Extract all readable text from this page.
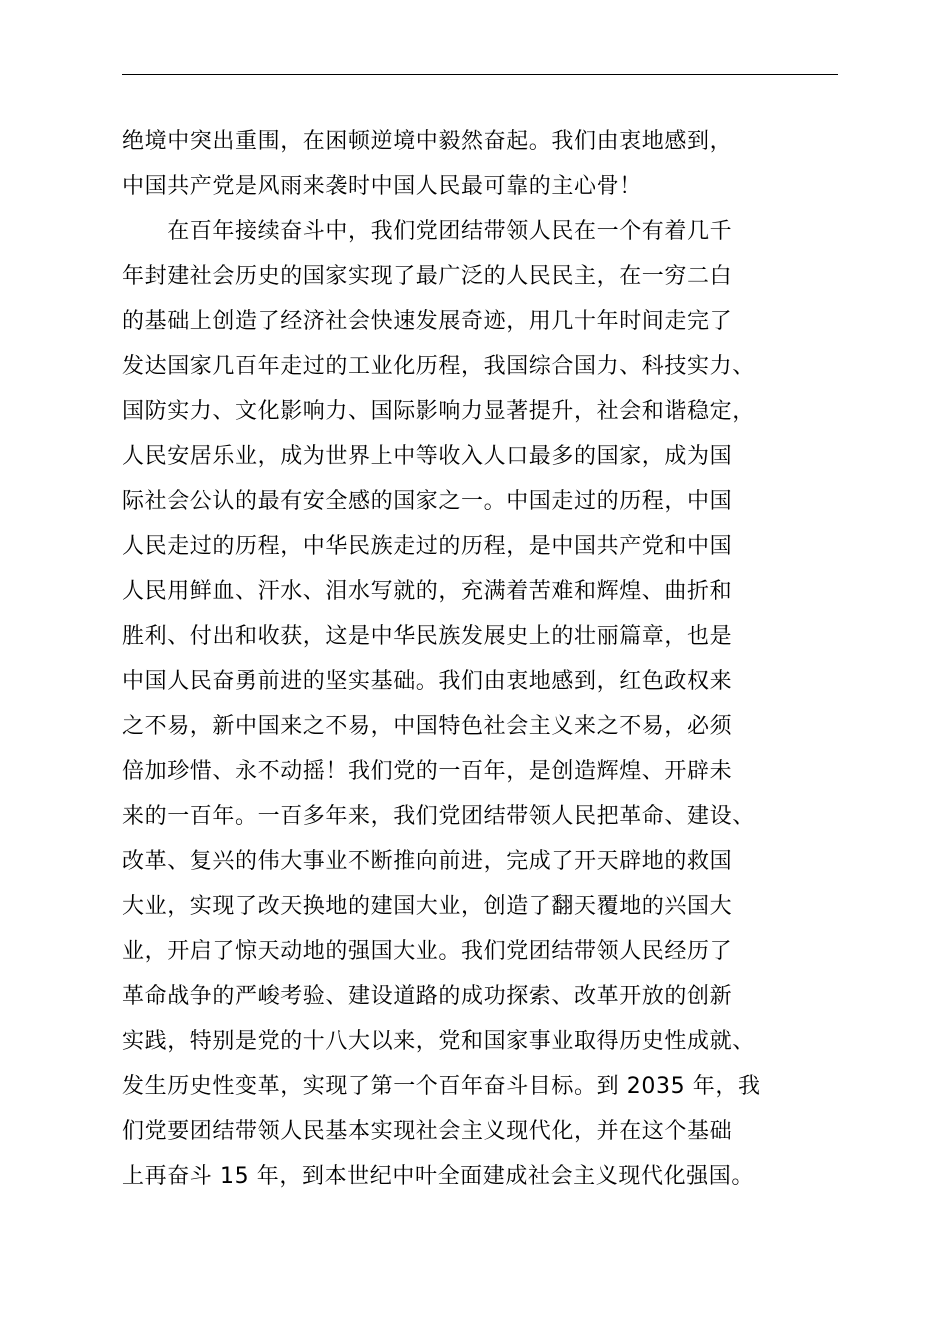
绝境中突出重围，在困顿逆境中毅然奋起。我们由衷地感到，
中国共产党是风雨来袭时中国人民最可靠的主心骨！
　　在百年接续奋斗中，我们党团结带领人民在一个有着几千
年封建社会历史的国家实现了最广泛的人民民主，在一穷二白
的基础上创造了经济社会快速发展奇迹，用几十年时间走完了
发达国家几百年走过的工业化历程，我国综合国力、科技实力、
国防实力、文化影响力、国际影响力显著提升，社会和谐稳定，
人民安居乐业，成为世界上中等收入人口最多的国家，成为国
际社会公认的最有安全感的国家之一。中国走过的历程，中国
人民走过的历程，中华民族走过的历程，是中国共产党和中国
人民用鲜血、汗水、泪水写就的，充满着苦难和辉煌、曲折和
胜利、付出和收获，这是中华民族发展史上的壮丽篇章，也是
中国人民奋勇前进的坚实基础。我们由衷地感到，红色政权来
之不易，新中国来之不易，中国特色社会主义来之不易，必须
倍加珍惜、永不动摇！我们党的一百年，是创造辉煌、开辟未
来的一百年。一百多年来，我们党团结带领人民把革命、建设、
改革、复兴的伟大事业不断推向前进，完成了开天辟地的救国
大业，实现了改天换地的建国大业，创造了翻天覆地的兴国大
业，开启了惊天动地的强国大业。我们党团结带领人民经历了
革命战争的严峻考验、建设道路的成功探索、改革开放的创新
实践，特别是党的十八大以来，党和国家事业取得历史性成就、
发生历史性变革，实现了第一个百年奋斗目标。到 2035 年，我
们党要团结带领人民基本实现社会主义现代化，并在这个基础
上再奋斗 15 年，到本世纪中叶全面建成社会主义现代化强国。
